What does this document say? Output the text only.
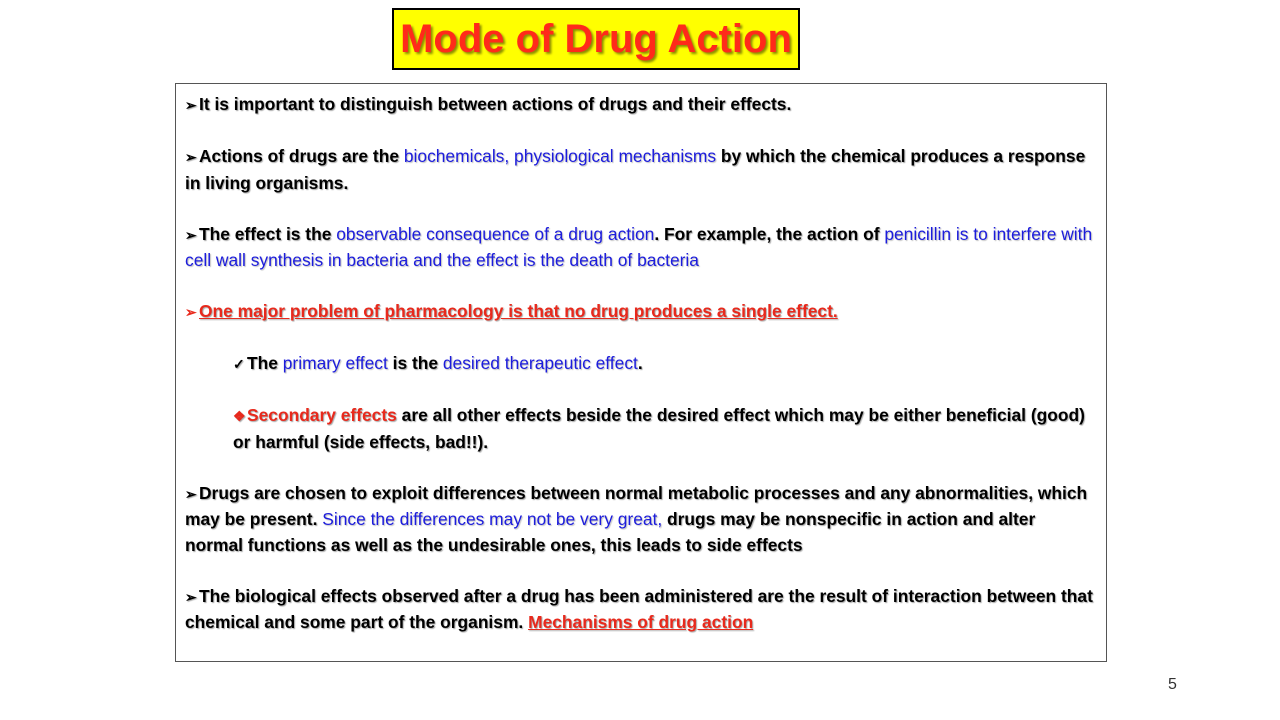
Mode of Drug Action

➢ It is important to distinguish between actions of drugs and their effects.

➢ Actions of drugs are the biochemicals, physiological mechanisms by which the chemical produces a response in living organisms.

➢ The effect is the observable consequence of a drug action. For example, the action of penicillin is to interfere with cell wall synthesis in bacteria and the effect is the death of bacteria

➢ One major problem of pharmacology is that no drug produces a single effect.

✓ The primary effect is the desired therapeutic effect.

❖Secondary effects are all other effects beside the desired effect which may be either beneficial (good) or harmful (side effects, bad!!).

➢ Drugs are chosen to exploit differences between normal metabolic processes and any abnormalities, which may be present. Since the differences may not be very great, drugs may be nonspecific in action and alter normal functions as well as the undesirable ones, this leads to side effects

➢ The biological effects observed after a drug has been administered are the result of interaction between that chemical and some part of the organism. Mechanisms of drug action

5
